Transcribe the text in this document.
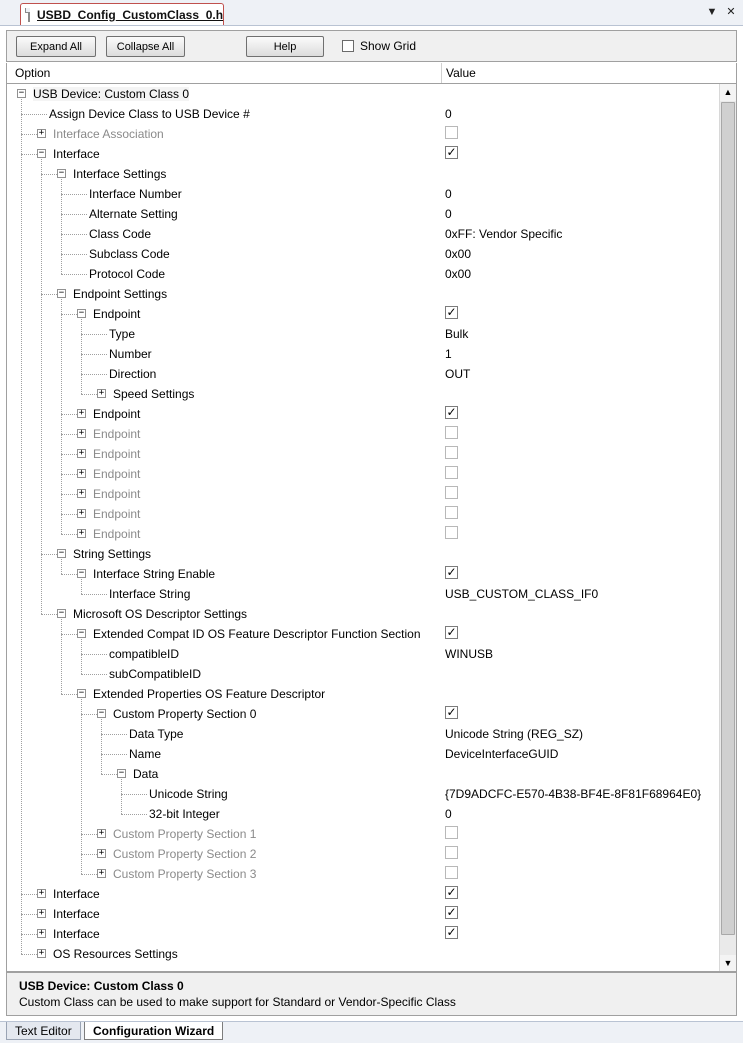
USBD_Config_CustomClass_0.h	▼ ✕
Expand All	Collapse All	Help	Show Grid
Option	Value
− USB Device: Custom Class 0
Assign Device Class to USB Device #	0
+ Interface Association
− Interface	✓
− Interface Settings
Interface Number	0
Alternate Setting	0
Class Code	0xFF: Vendor Specific
Subclass Code	0x00
Protocol Code	0x00
− Endpoint Settings
− Endpoint	✓
Type	Bulk
Number	1
Direction	OUT
+ Speed Settings
+ Endpoint	✓
+ Endpoint
+ Endpoint
+ Endpoint
+ Endpoint
+ Endpoint
+ Endpoint
− String Settings
− Interface String Enable	✓
Interface String	USB_CUSTOM_CLASS_IF0
− Microsoft OS Descriptor Settings
− Extended Compat ID OS Feature Descriptor Function Section ✓
compatibleID	WINUSB
subCompatibleID
− Extended Properties OS Feature Descriptor
− Custom Property Section 0	✓
Data Type	Unicode String (REG_SZ)
Name	DeviceInterfaceGUID
− Data
Unicode String	{7D9ADCFC-E570-4B38-BF4E-8F81F68964E0}
32-bit Integer	0
+ Custom Property Section 1
+ Custom Property Section 2
+ Custom Property Section 3
+ Interface	✓
+ Interface	✓
+ Interface	✓
+ OS Resources Settings
▲
▼
USB Device: Custom Class 0
Custom Class can be used to make support for Standard or Vendor-Specific Class
Text Editor	Configuration Wizard
